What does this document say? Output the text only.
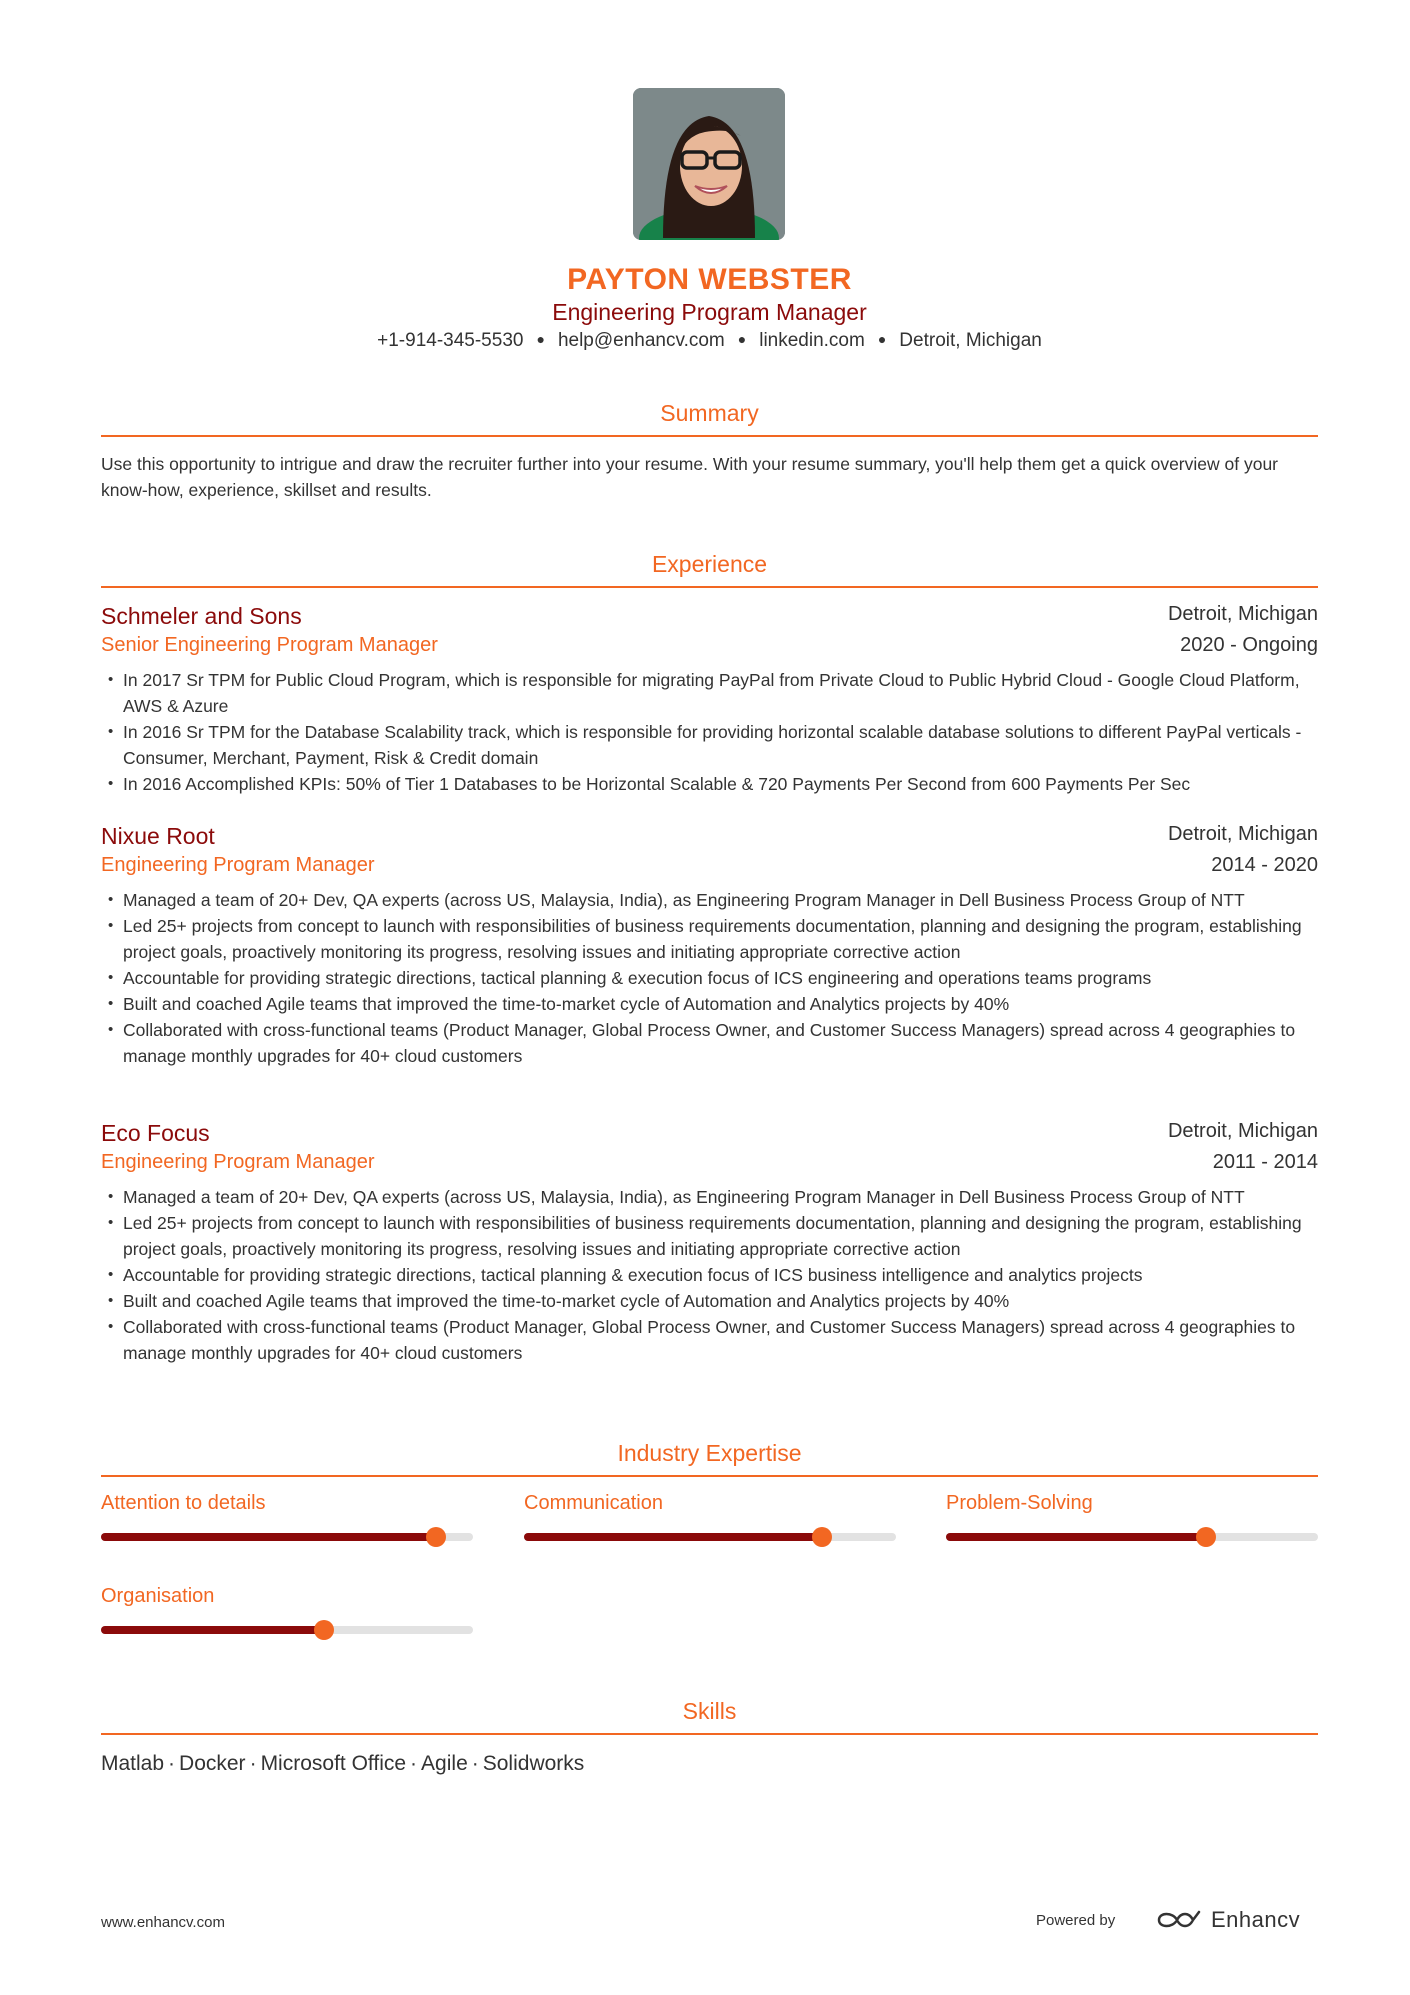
PAYTON WEBSTER
Engineering Program Manager
+1-914-345-5530 ● help@enhancv.com ● linkedin.com ● Detroit, Michigan
Summary
Use this opportunity to intrigue and draw the recruiter further into your resume. With your resume summary, you'll help them get a quick overview of your know-how, experience, skillset and results.
Experience
Schmeler and Sons	Detroit, Michigan
Senior Engineering Program Manager	2020 - Ongoing
• In 2017 Sr TPM for Public Cloud Program, which is responsible for migrating PayPal from Private Cloud to Public Hybrid Cloud - Google Cloud Platform, AWS & Azure
• In 2016 Sr TPM for the Database Scalability track, which is responsible for providing horizontal scalable database solutions to different PayPal verticals - Consumer, Merchant, Payment, Risk & Credit domain
• In 2016 Accomplished KPIs: 50% of Tier 1 Databases to be Horizontal Scalable & 720 Payments Per Second from 600 Payments Per Sec
Nixue Root	Detroit, Michigan
Engineering Program Manager	2014 - 2020
• Managed a team of 20+ Dev, QA experts (across US, Malaysia, India), as Engineering Program Manager in Dell Business Process Group of NTT
• Led 25+ projects from concept to launch with responsibilities of business requirements documentation, planning and designing the program, establishing project goals, proactively monitoring its progress, resolving issues and initiating appropriate corrective action
• Accountable for providing strategic directions, tactical planning & execution focus of ICS engineering and operations teams programs
• Built and coached Agile teams that improved the time-to-market cycle of Automation and Analytics projects by 40%
• Collaborated with cross-functional teams (Product Manager, Global Process Owner, and Customer Success Managers) spread across 4 geographies to manage monthly upgrades for 40+ cloud customers
Eco Focus	Detroit, Michigan
Engineering Program Manager	2011 - 2014
• Managed a team of 20+ Dev, QA experts (across US, Malaysia, India), as Engineering Program Manager in Dell Business Process Group of NTT
• Led 25+ projects from concept to launch with responsibilities of business requirements documentation, planning and designing the program, establishing project goals, proactively monitoring its progress, resolving issues and initiating appropriate corrective action
• Accountable for providing strategic directions, tactical planning & execution focus of ICS business intelligence and analytics projects
• Built and coached Agile teams that improved the time-to-market cycle of Automation and Analytics projects by 40%
• Collaborated with cross-functional teams (Product Manager, Global Process Owner, and Customer Success Managers) spread across 4 geographies to manage monthly upgrades for 40+ cloud customers
Industry Expertise
Attention to details	Communication	Problem-Solving
Organisation
Skills
Matlab · Docker · Microsoft Office · Agile · Solidworks
www.enhancv.com	Powered by	Enhancv
